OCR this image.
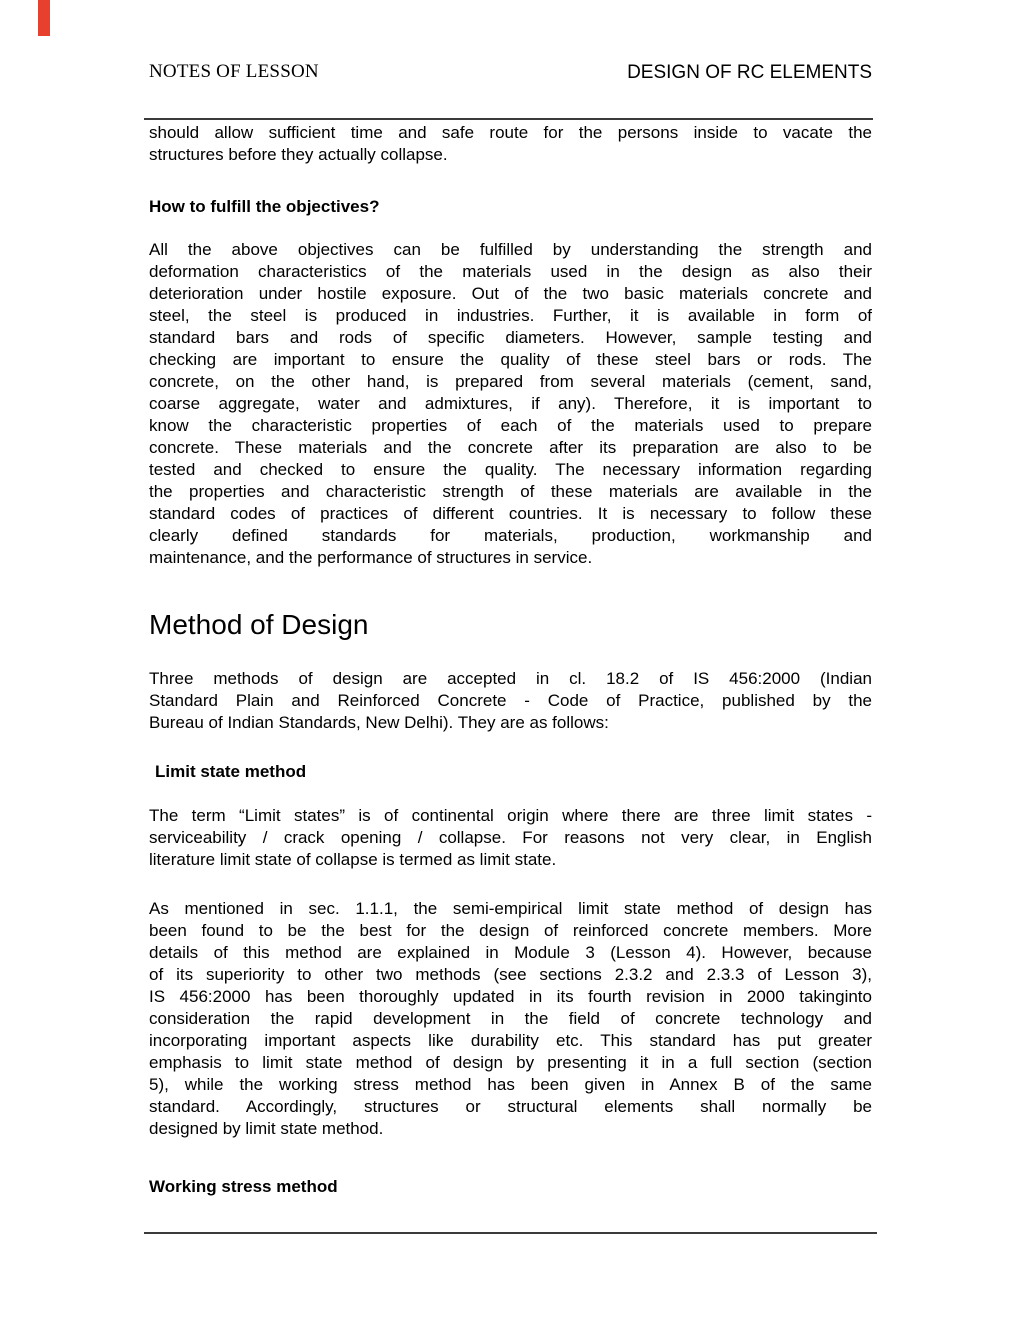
NOTES OF LESSON	DESIGN OF RC ELEMENTS
should allow sufficient time and safe route for the persons inside to vacate the
structures before they actually collapse.
How to fulfill the objectives?
All the above objectives can be fulfilled by understanding the strength and
deformation characteristics of the materials used in the design as also their
deterioration under hostile exposure. Out of the two basic materials concrete and
steel, the steel is produced in industries. Further, it is available in form of
standard bars and rods of specific diameters. However, sample testing and
checking are important to ensure the quality of these steel bars or rods. The
concrete, on the other hand, is prepared from several materials (cement, sand,
coarse aggregate, water and admixtures, if any). Therefore, it is important to
know the characteristic properties of each of the materials used to prepare
concrete. These materials and the concrete after its preparation are also to be
tested and checked to ensure the quality. The necessary information regarding
the properties and characteristic strength of these materials are available in the
standard codes of practices of different countries. It is necessary to follow these
clearly defined standards for materials, production, workmanship and
maintenance, and the performance of structures in service.
Method of Design
Three methods of design are accepted in cl. 18.2 of IS 456:2000 (Indian
Standard Plain and Reinforced Concrete - Code of Practice, published by the
Bureau of Indian Standards, New Delhi). They are as follows:
Limit state method
The term “Limit states” is of continental origin where there are three limit states -
serviceability / crack opening / collapse. For reasons not very clear, in English
literature limit state of collapse is termed as limit state.
As mentioned in sec. 1.1.1, the semi-empirical limit state method of design has
been found to be the best for the design of reinforced concrete members. More
details of this method are explained in Module 3 (Lesson 4). However, because
of its superiority to other two methods (see sections 2.3.2 and 2.3.3 of Lesson 3),
IS 456:2000 has been thoroughly updated in its fourth revision in 2000 takinginto
consideration the rapid development in the field of concrete technology and
incorporating important aspects like durability etc. This standard has put greater
emphasis to limit state method of design by presenting it in a full section (section
5), while the working stress method has been given in Annex B of the same
standard. Accordingly, structures or structural elements shall normally be
designed by limit state method.
Working stress method
